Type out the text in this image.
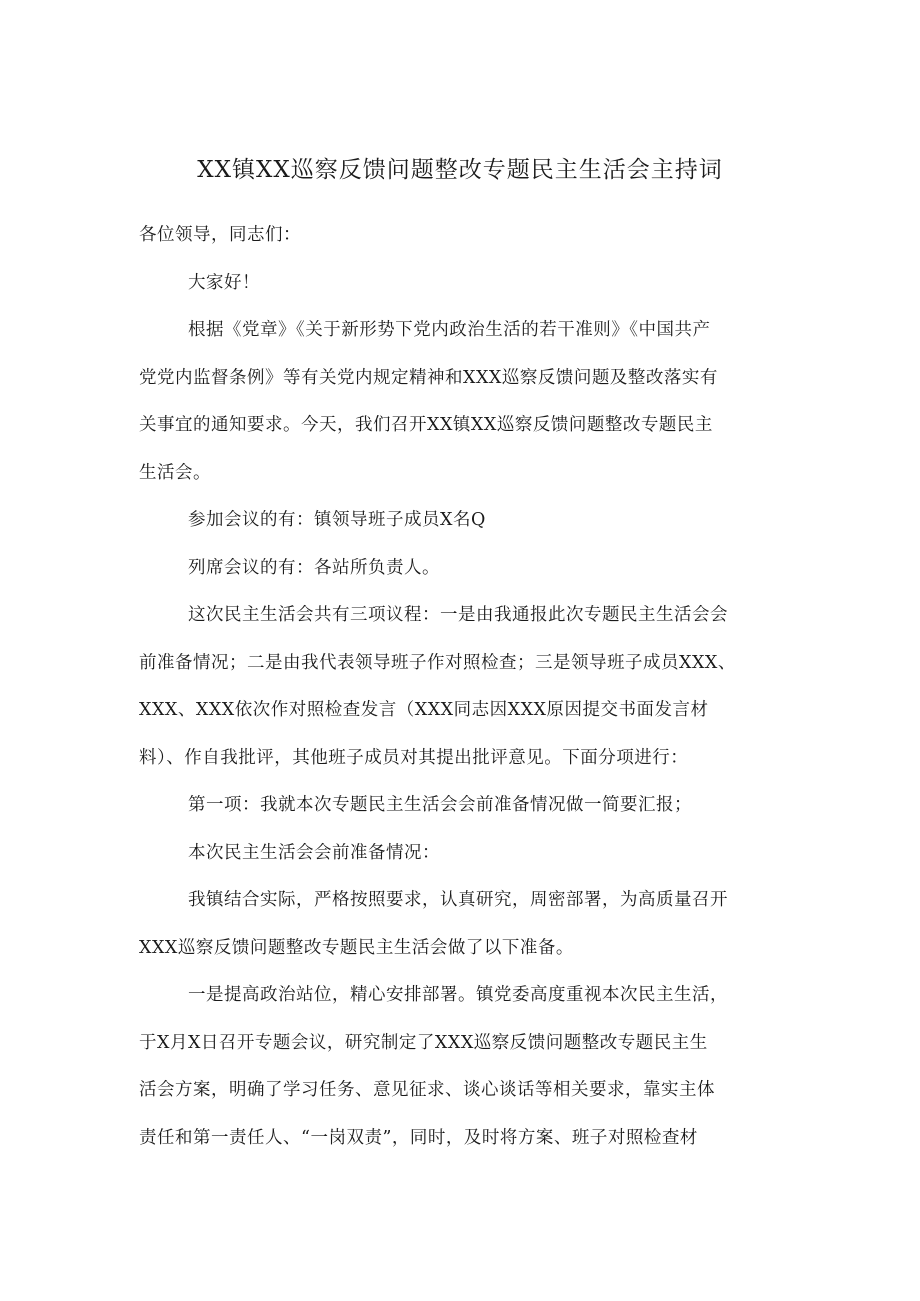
XX镇XX巡察反馈问题整改专题民主生活会主持词
各位领导，同志们：
大家好！
根据《党章》《关于新形势下党内政治生活的若干准则》《中国共产
党党内监督条例》等有关党内规定精神和XXX巡察反馈问题及整改落实有
关事宜的通知要求。今天，我们召开XX镇XX巡察反馈问题整改专题民主
生活会。
参加会议的有：镇领导班子成员X名Q
列席会议的有：各站所负责人。
这次民主生活会共有三项议程：一是由我通报此次专题民主生活会会
前准备情况；二是由我代表领导班子作对照检查；三是领导班子成员XXX、
XXX、XXX依次作对照检查发言（XXX同志因XXX原因提交书面发言材
料）、作自我批评，其他班子成员对其提出批评意见。下面分项进行：
第一项：我就本次专题民主生活会会前准备情况做一简要汇报；
本次民主生活会会前准备情况：
我镇结合实际，严格按照要求，认真研究，周密部署，为高质量召开
XXX巡察反馈问题整改专题民主生活会做了以下准备。
一是提高政治站位，精心安排部署。镇党委高度重视本次民主生活，
于X月X日召开专题会议，研究制定了XXX巡察反馈问题整改专题民主生
活会方案，明确了学习任务、意见征求、谈心谈话等相关要求，靠实主体
责任和第一责任人、“一岗双责”，同时，及时将方案、班子对照检查材
